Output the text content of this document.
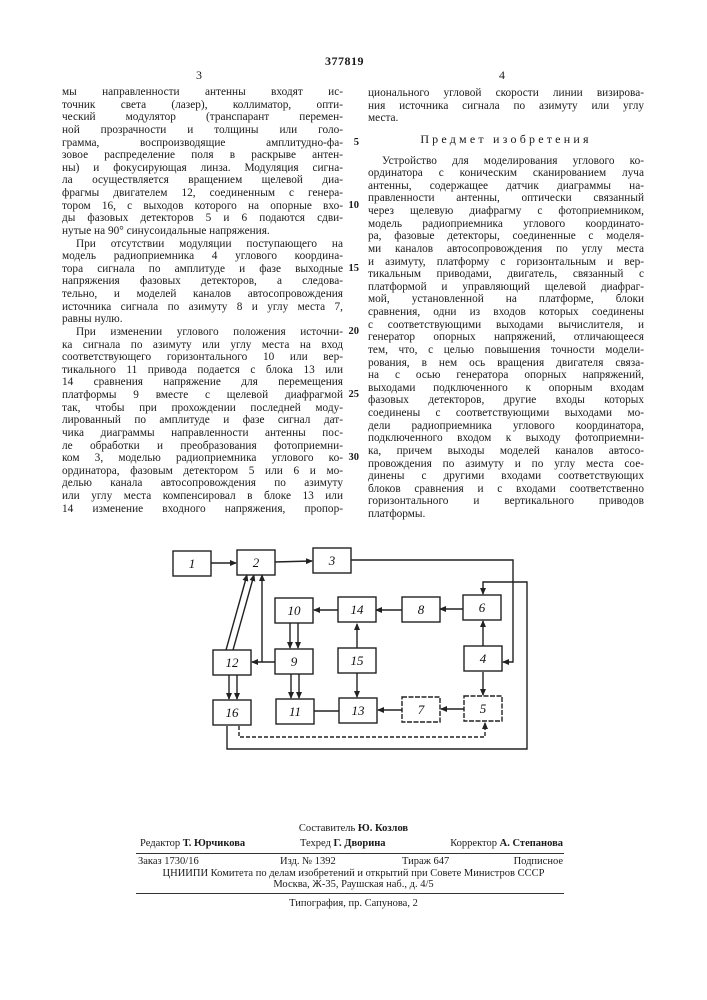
377819
3	4
мы направленности антенны входят ис-
точник света (лазер), коллиматор, опти-
ческий модулятор (транспарант перемен-
ной прозрачности и толщины или голо-
грамма, воспроизводящие амплитудно-фа-
зовое распределение поля в раскрыве антен-
ны) и фокусирующая линза. Модуляция сигна-
ла осуществляется вращением щелевой диа-
фрагмы двигателем 12, соединенным с генера-
тором 16, с выходов которого на опорные вхо-
ды фазовых детекторов 5 и 6 подаются сдви-
нутые на 90° синусоидальные напряжения.
При отсутствии модуляции поступающего на
модель радиоприемника 4 углового координа-
тора сигнала по амплитуде и фазе выходные
напряжения фазовых детекторов, а следова-
тельно, и моделей каналов автосопровождения
источника сигнала по азимуту 8 и углу места 7,
равны нулю.
При изменении углового положения источни-
ка сигнала по азимуту или углу места на вход
соответствующего горизонтального 10 или вер-
тикального 11 привода подается с блока 13 или
14 сравнения напряжение для перемещения
платформы 9 вместе с щелевой диафрагмой
так, чтобы при прохождении последней моду-
лированный по амплитуде и фазе сигнал дат-
чика диаграммы направленности антенны пос-
ле обработки и преобразования фотоприемни-
ком 3, моделью радиоприемника углового ко-
ординатора, фазовым детектором 5 или 6 и мо-
делью канала автосопровождения по азимуту
или углу места компенсировал в блоке 13 или
14 изменение входного напряжения, пропор-
ционального угловой скорости линии визирова-
ния источника сигнала по азимуту или углу
места.
Предмет изобретения
Устройство для моделирования углового ко-
ординатора с коническим сканированием луча
антенны, содержащее датчик диаграммы на-
правленности антенны, оптически связанный
через щелевую диафрагму с фотоприемником,
модель радиоприемника углового координато-
ра, фазовые детекторы, соединенные с моделя-
ми каналов автосопровождения по углу места
и азимуту, платформу с горизонтальным и вер-
тикальным приводами, двигатель, связанный с
платформой и управляющий щелевой диафраг-
мой, установленной на платформе, блоки
сравнения, одни из входов которых соединены
с соответствующими выходами вычислителя, и
генератор опорных напряжений, отличающееся
тем, что, с целью повышения точности модели-
рования, в нем ось вращения двигателя связа-
на с осью генератора опорных напряжений,
выходами подключенного к опорным входам
фазовых детекторов, другие входы которых
соединены с соответствующими выходами мо-
дели радиоприемника углового координатора,
подключенного входом к выходу фотоприемни-
ка, причем выходы моделей каналов автосо-
провождения по азимуту и по углу места сое-
динены с другими входами соответствующих
блоков сравнения и с входами соответственно
горизонтального и вертикального приводов
платформы.
5
10
15
20
25
30
1	2	3
6
8
14
10
12	9	15	4
16	11	13	7	5
Составитель Ю. Козлов
Редактор Т. Юрчикова	Техред Г. Дворина	Корректор А. Степанова
Заказ 1730/16	Изд. № 1392	Тираж 647	Подписное
ЦНИИПИ Комитета по делам изобретений и открытий при Совете Министров СССР
Москва, Ж-35, Раушская наб., д. 4/5
Типография, пр. Сапунова, 2
